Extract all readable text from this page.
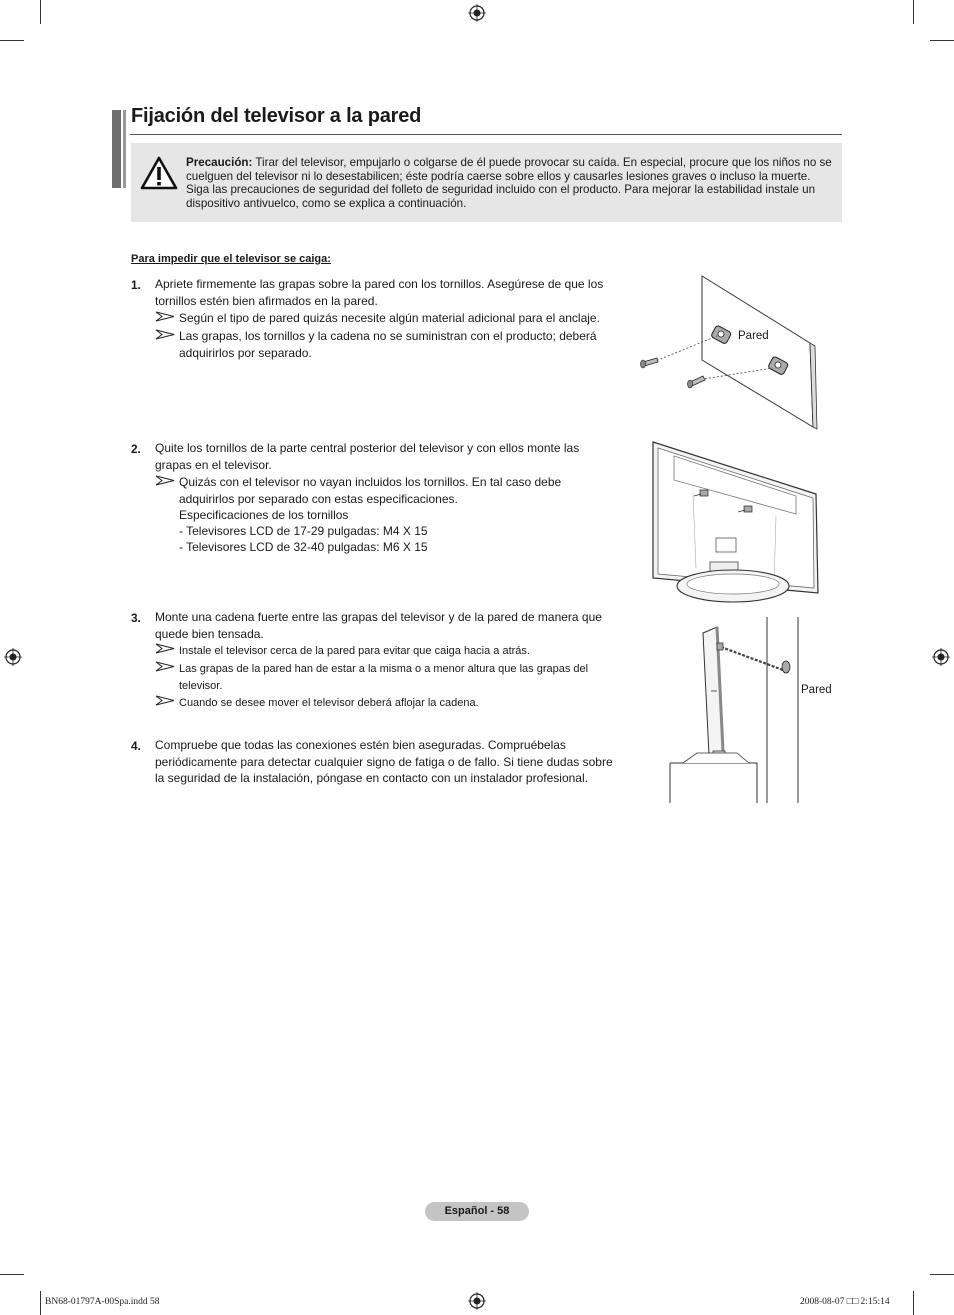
Fijación del televisor a la pared
Precaución: Tirar del televisor, empujarlo o colgarse de él puede provocar su caída. En especial, procure que los niños no se cuelguen del televisor ni lo desestabilicen; éste podría caerse sobre ellos y causarles lesiones graves o incluso la muerte. Siga las precauciones de seguridad del folleto de seguridad incluido con el producto. Para mejorar la estabilidad instale un dispositivo antivuelco, como se explica a continuación.
Para impedir que el televisor se caiga:
1. Apriete firmemente las grapas sobre la pared con los tornillos. Asegúrese de que los
tornillos estén bien afirmados en la pared.
Según el tipo de pared quizás necesite algún material adicional para el anclaje.
Las grapas, los tornillos y la cadena no se suministran con el producto; deberá
adquirirlos por separado.
2. Quite los tornillos de la parte central posterior del televisor y con ellos monte las
grapas en el televisor.
Quizás con el televisor no vayan incluidos los tornillos. En tal caso debe
adquirirlos por separado con estas especificaciones.
Especificaciones de los tornillos
- Televisores LCD de 17-29 pulgadas: M4 X 15
- Televisores LCD de 32-40 pulgadas: M6 X 15
3. Monte una cadena fuerte entre las grapas del televisor y de la pared de manera que
quede bien tensada.
Instale el televisor cerca de la pared para evitar que caiga hacia a atrás.
Las grapas de la pared han de estar a la misma o a menor altura que las grapas del
televisor.
Cuando se desee mover el televisor deberá aflojar la cadena.
4. Compruebe que todas las conexiones estén bien aseguradas. Compruébelas
periódicamente para detectar cualquier signo de fatiga o de fallo. Si tiene dudas sobre
la seguridad de la instalación, póngase en contacto con un instalador profesional.
Pared
Pared
Español - 58
BN68-01797A-00Spa.indd 58	2008-08-07 □□ 2:15:14
